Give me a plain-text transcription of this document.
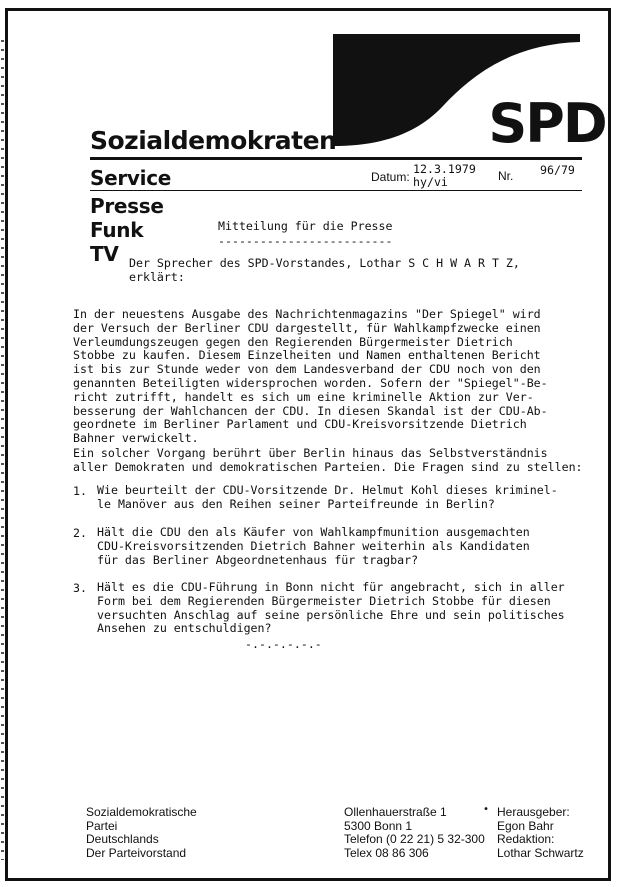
SPD
Sozialdemokraten
Service
Presse
Funk
TV
Datum:
12.3.1979
hy/vi	Nr. 96/79
Mitteilung für die Presse
-------------------------
Der Sprecher des SPD-Vorstandes, Lothar S C H W A R T Z, erklärt:
In der neuestens Ausgabe des Nachrichtenmagazins "Der Spiegel" wird
der Versuch der Berliner CDU dargestellt, für Wahlkampfzwecke einen
Verleumdungszeugen gegen den Regierenden Bürgermeister Dietrich
Stobbe zu kaufen. Diesem Einzelheiten und Namen enthaltenen Bericht
ist bis zur Stunde weder von dem Landesverband der CDU noch von den
genannten Beteiligten widersprochen worden. Sofern der "Spiegel"-Be-
richt zutrifft, handelt es sich um eine kriminelle Aktion zur Ver-
besserung der Wahlchancen der CDU. In diesen Skandal ist der CDU-Ab-
geordnete im Berliner Parlament und CDU-Kreisvorsitzende Dietrich
Bahner verwickelt.
Ein solcher Vorgang berührt über Berlin hinaus das Selbstverständnis
aller Demokraten und demokratischen Parteien. Die Fragen sind zu stellen:
1. Wie beurteilt der CDU-Vorsitzende Dr. Helmut Kohl dieses kriminel-
le Manöver aus den Reihen seiner Parteifreunde in Berlin?
2. Hält die CDU den als Käufer von Wahlkampfmunition ausgemachten
CDU-Kreisvorsitzenden Dietrich Bahner weiterhin als Kandidaten
für das Berliner Abgeordnetenhaus für tragbar?
3. Hält es die CDU-Führung in Bonn nicht für angebracht, sich in aller
Form bei dem Regierenden Bürgermeister Dietrich Stobbe für diesen
versuchten Anschlag auf seine persönliche Ehre und sein politisches
Ansehen zu entschuldigen?
-.-.-.-.-.-
Sozialdemokratische
Partei
Deutschlands
Der Parteivorstand
Ollenhauerstraße 1
5300 Bonn 1
Telefon (0 22 21) 5 32-300
Telex 08 86 306
• Herausgeber:
Egon Bahr
Redaktion:
Lothar Schwartz
